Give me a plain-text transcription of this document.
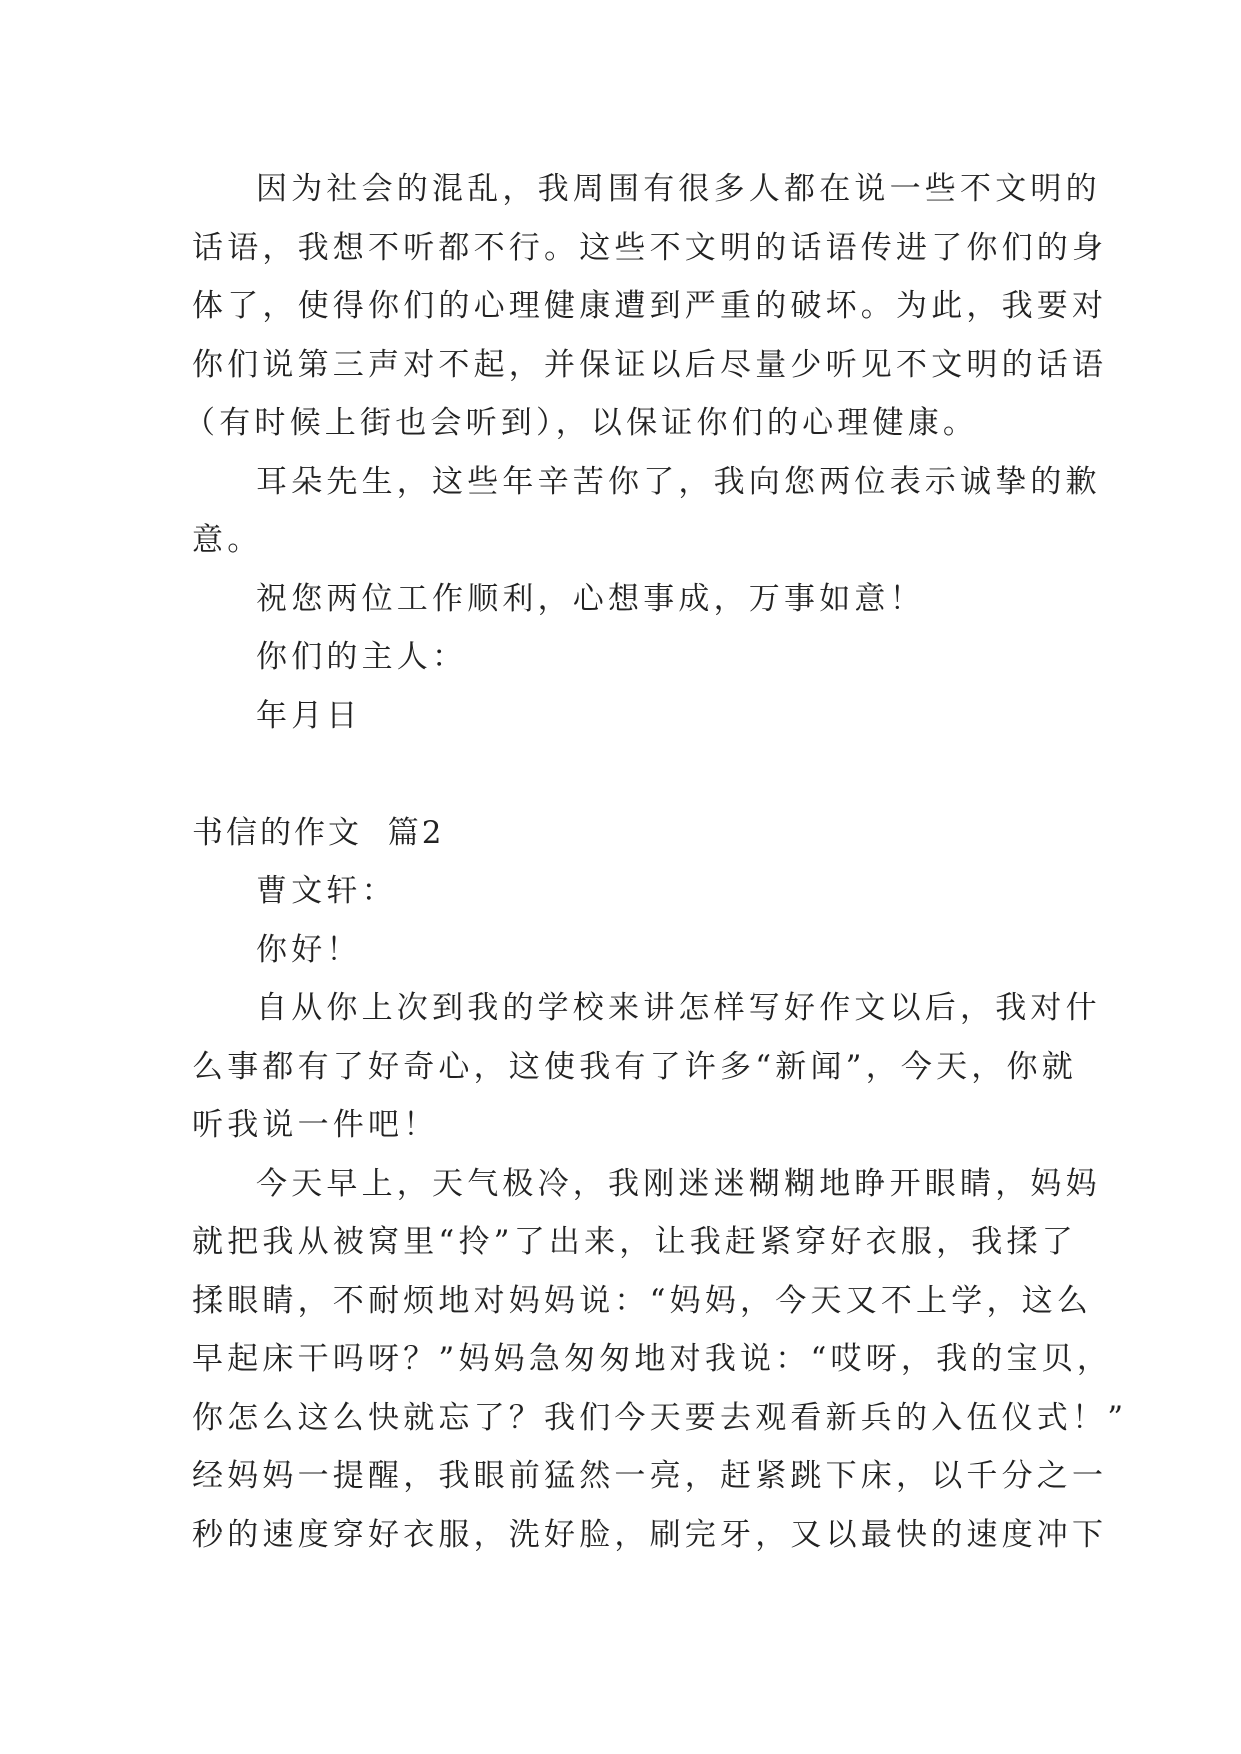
因为社会的混乱，我周围有很多人都在说一些不文明的
话语，我想不听都不行。这些不文明的话语传进了你们的身
体了，使得你们的心理健康遭到严重的破坏。为此，我要对
你们说第三声对不起，并保证以后尽量少听见不文明的话语
（有时候上街也会听到），以保证你们的心理健康。
耳朵先生，这些年辛苦你了，我向您两位表示诚挚的歉
意。
祝您两位工作顺利，心想事成，万事如意！
你们的主人：
年月日
书信的作文  篇2
曹文轩：
你好！
自从你上次到我的学校来讲怎样写好作文以后，我对什
么事都有了好奇心，这使我有了许多“新闻”，今天，你就
听我说一件吧！
今天早上，天气极冷，我刚迷迷糊糊地睁开眼睛，妈妈
就把我从被窝里“拎”了出来，让我赶紧穿好衣服，我揉了
揉眼睛，不耐烦地对妈妈说：“妈妈，今天又不上学，这么
早起床干吗呀？”妈妈急匆匆地对我说：“哎呀，我的宝贝，
你怎么这么快就忘了？我们今天要去观看新兵的入伍仪式！”
经妈妈一提醒，我眼前猛然一亮，赶紧跳下床，以千分之一
秒的速度穿好衣服，洗好脸，刷完牙，又以最快的速度冲下
